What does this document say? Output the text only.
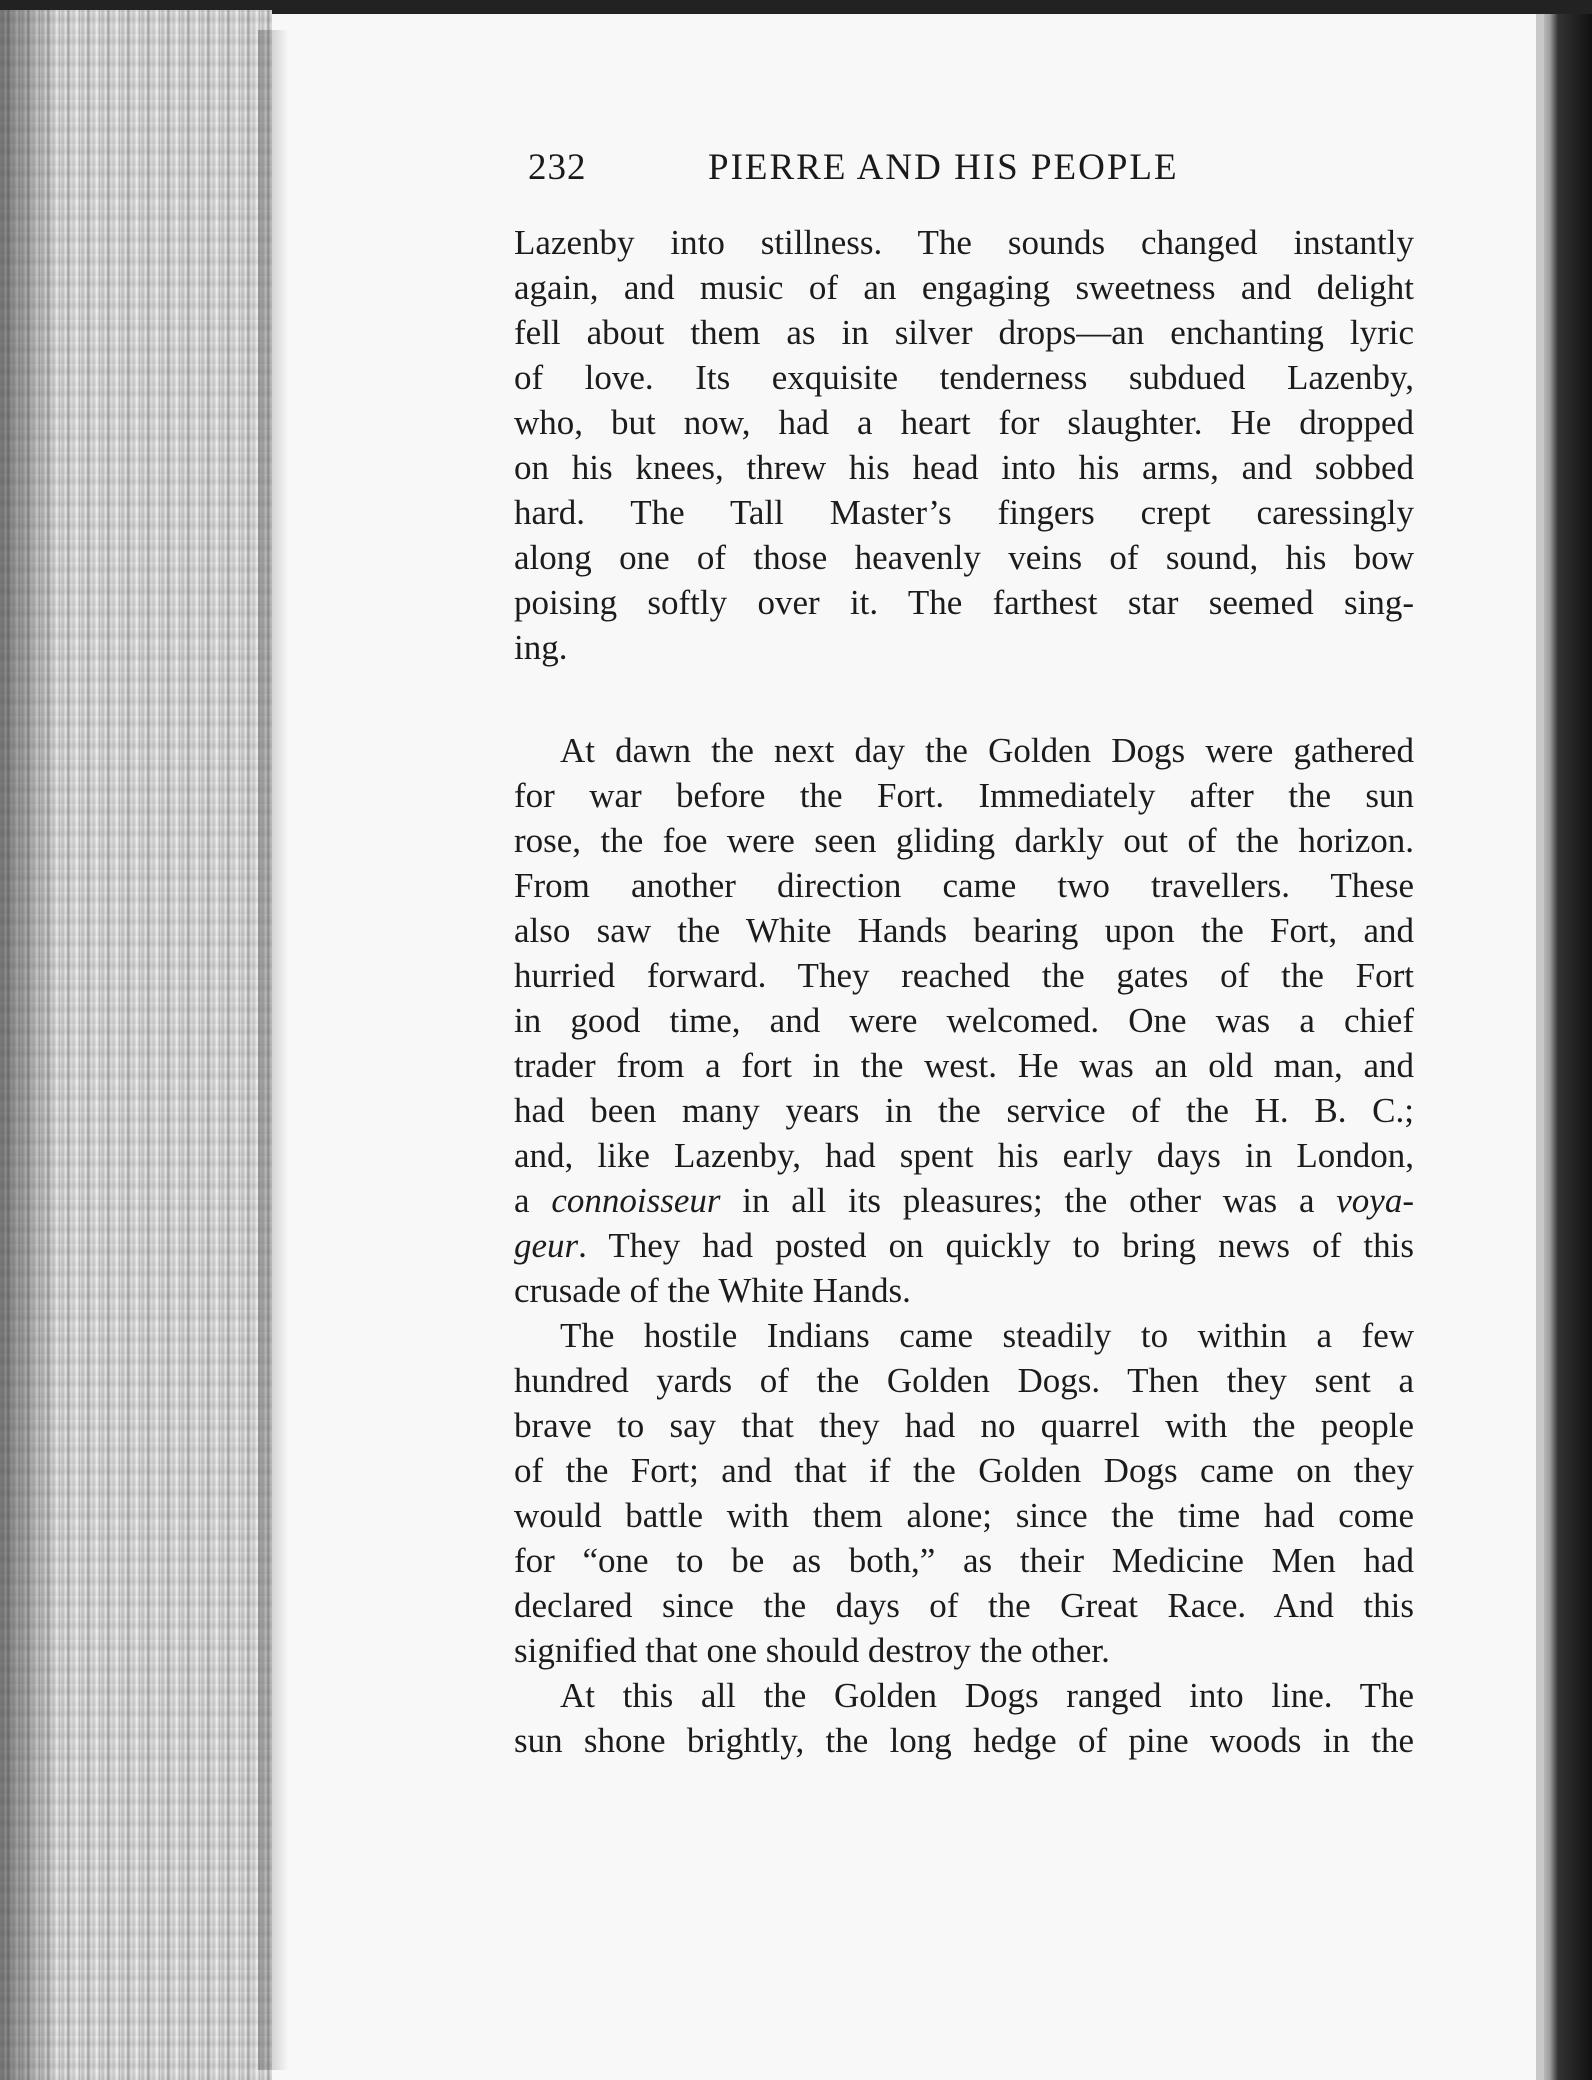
232	PIERRE AND HIS PEOPLE
Lazenby into stillness. The sounds changed instantly
again, and music of an engaging sweetness and delight
fell about them as in silver drops—an enchanting lyric
of love. Its exquisite tenderness subdued Lazenby,
who, but now, had a heart for slaughter. He dropped
on his knees, threw his head into his arms, and sobbed
hard. The Tall Master’s fingers crept caressingly
along one of those heavenly veins of sound, his bow
poising softly over it. The farthest star seemed sing-
ing.
At dawn the next day the Golden Dogs were gathered
for war before the Fort. Immediately after the sun
rose, the foe were seen gliding darkly out of the horizon.
From another direction came two travellers. These
also saw the White Hands bearing upon the Fort, and
hurried forward. They reached the gates of the Fort
in good time, and were welcomed. One was a chief
trader from a fort in the west. He was an old man, and
had been many years in the service of the H. B. C.;
and, like Lazenby, had spent his early days in London,
a connoisseur in all its pleasures; the other was a voya-
geur. They had posted on quickly to bring news of this
crusade of the White Hands.
The hostile Indians came steadily to within a few
hundred yards of the Golden Dogs. Then they sent a
brave to say that they had no quarrel with the people
of the Fort; and that if the Golden Dogs came on they
would battle with them alone; since the time had come
for “one to be as both,” as their Medicine Men had
declared since the days of the Great Race. And this
signified that one should destroy the other.
At this all the Golden Dogs ranged into line. The
sun shone brightly, the long hedge of pine woods in the
